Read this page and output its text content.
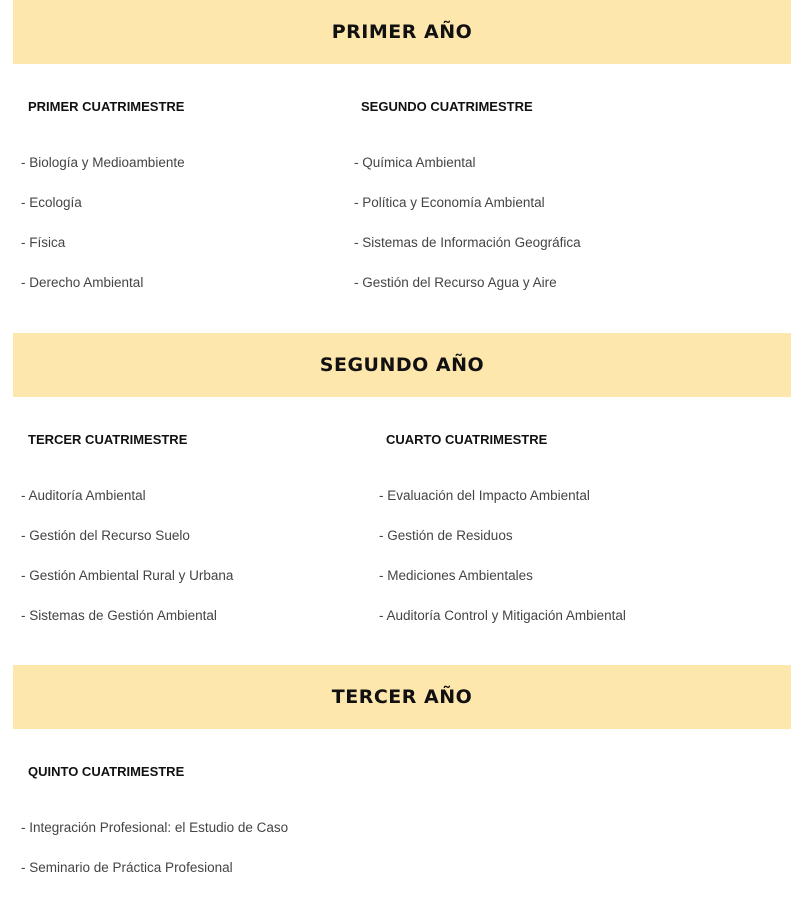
PRIMER AÑO
PRIMER CUATRIMESTRE
- Biología y Medioambiente
- Ecología
- Física
- Derecho Ambiental
SEGUNDO CUATRIMESTRE
- Química Ambiental
- Política y Economía Ambiental
- Sistemas de Información Geográfica
- Gestión del Recurso Agua y Aire
SEGUNDO AÑO
TERCER CUATRIMESTRE
- Auditoría Ambiental
- Gestión del Recurso Suelo
- Gestión Ambiental Rural y Urbana
- Sistemas de Gestión Ambiental
CUARTO CUATRIMESTRE
- Evaluación del Impacto Ambiental
- Gestión de Residuos
- Mediciones Ambientales
- Auditoría Control y Mitigación Ambiental
TERCER AÑO
QUINTO CUATRIMESTRE
- Integración Profesional: el Estudio de Caso
- Seminario de Práctica Profesional
